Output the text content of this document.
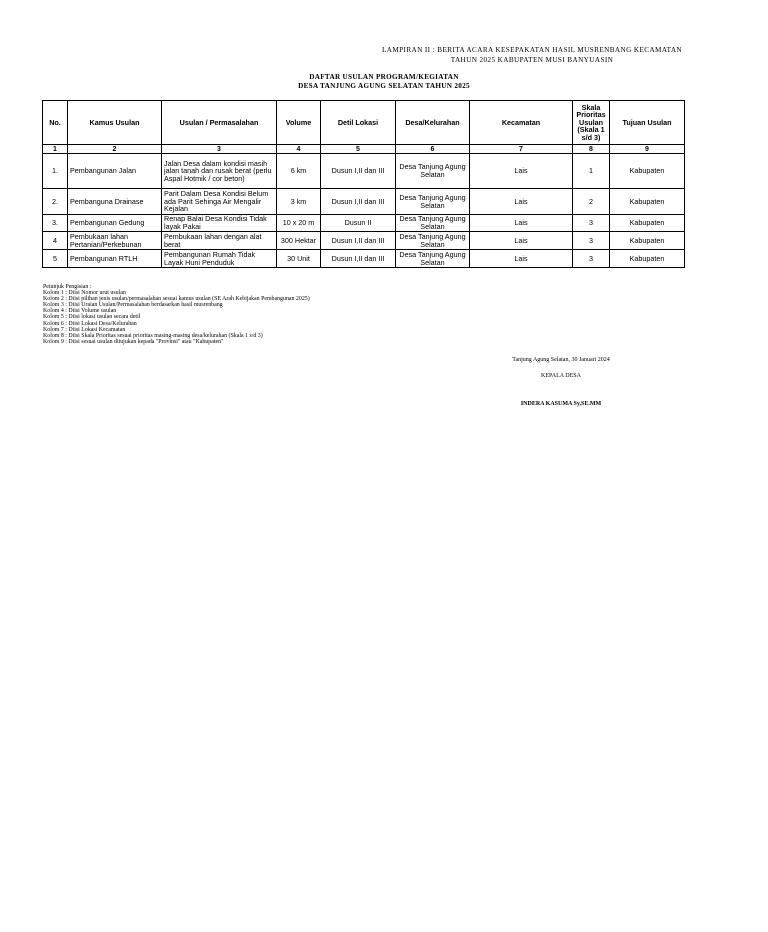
LAMPIRAN II : BERITA ACARA KESEPAKATAN HASIL MUSRENBANG KECAMATAN
TAHUN 2025 KABUPATEN MUSI BANYUASIN
DAFTAR USULAN PROGRAM/KEGIATAN
DESA TANJUNG AGUNG SELATAN TAHUN 2025
No.	Kamus Usulan	Usulan / Permasalahan	Volume	Detil Lokasi	Desa/Kelurahan	Kecamatan	Skala Prioritas Usulan (Skala 1 s/d 3)	Tujuan Usulan
1	2	3	4	5	6	7	8	9
1.	Pembangunan Jalan	Jalan Desa dalam kondisi masih jalan tanah dan rusak berat (perlu Aspal Hotmik / cor beton)	6 km	Dusun I,II dan III	Desa Tanjung Agung Selatan	Lais	1	Kabupaten
2.	Pembanguna Drainase	Parit Dalam Desa Kondisi Belum ada Parit Sehinga Air Mengalir Kejalan	3 km	Dusun I,II dan III	Desa Tanjung Agung Selatan	Lais	2	Kabupaten
3.	Pembangunan Gedung	Renap Balai Desa Kondisi Tidak layak Pakai	10 x 20 m	Dusun II	Desa Tanjung Agung Selatan	Lais	3	Kabupaten
4	Pembukaan lahan Pertanian/Perkebunan	Pembukaan lahan dengan alat berat	300 Hektar	Dusun I,II dan III	Desa Tanjung Agung Selatan	Lais	3	Kabupaten
5	Pembangunan RTLH	Pembangunan Rumah Tidak Layak Huni Penduduk	30 Unit	Dusun I,II dan III	Desa Tanjung Agung Selatan	Lais	3	Kabupaten
Petunjuk Pengisian :
Kolom 1 : Diisi Nomor urut usulan
Kolom 2 : Diisi pilihan jenis usulan/permasalahan sesuai kamus usulan (SE Arah Kebijakan Pembangunan 2025)
Kolom 3 : Diisi Uraian Usulan/Permasalahan berdasarkan hasil musrenbang
Kolom 4 : Diisi Volume usulan
Kolom 5 : Diisi lokasi usulan secara detil
Kolom 6 : Diisi Lokasi Desa/Kelurahan
Kolom 7 : Diisi Lokasi Kecamatan
Kolom 8 : Diisi Skala Prioritas sesuai prioritas masing-masing desa/kelurahan (Skala 1 s/d 3)
Kolom 9 : Diisi sesuai usulan ditujukan kepada "Provinsi" atau "Kabupaten"
Tanjung Agung Selatan, 30 Januari 2024
KEPALA DESA
INDERA KASUMA Sy,SE.MM
